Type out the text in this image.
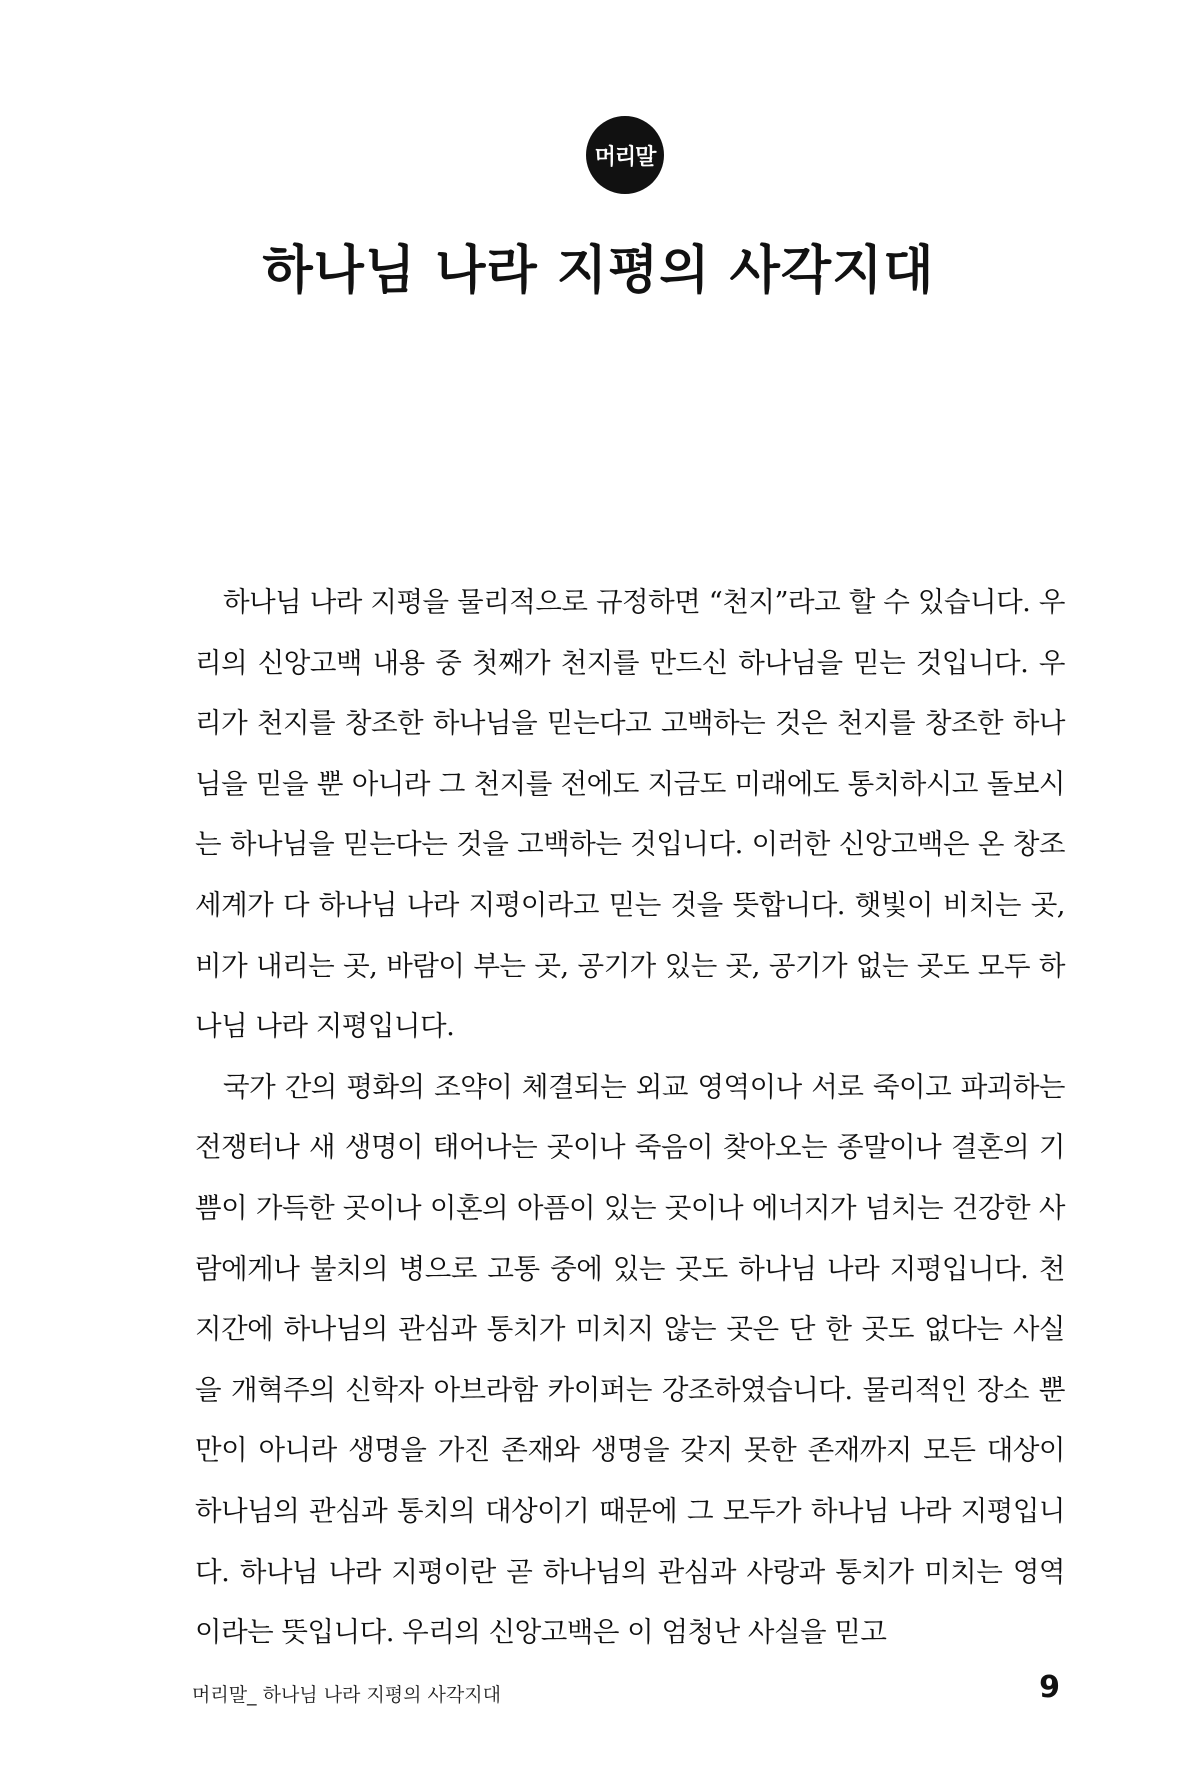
머리말
하나님 나라 지평의 사각지대

하나님 나라 지평을 물리적으로 규정하면 “천지”라고 할 수 있습니다. 우리의 신앙고백 내용 중 첫째가 천지를 만드신 하나님을 믿는 것입니다. 우리가 천지를 창조한 하나님을 믿는다고 고백하는 것은 천지를 창조한 하나님을 믿을 뿐 아니라 그 천지를 전에도 지금도 미래에도 통치하시고 돌보시는 하나님을 믿는다는 것을 고백하는 것입니다. 이러한 신앙고백은 온 창조 세계가 다 하나님 나라 지평이라고 믿는 것을 뜻합니다. 햇빛이 비치는 곳, 비가 내리는 곳, 바람이 부는 곳, 공기가 있는 곳, 공기가 없는 곳도 모두 하나님 나라 지평입니다.

국가 간의 평화의 조약이 체결되는 외교 영역이나 서로 죽이고 파괴하는 전쟁터나 새 생명이 태어나는 곳이나 죽음이 찾아오는 종말이나 결혼의 기쁨이 가득한 곳이나 이혼의 아픔이 있는 곳이나 에너지가 넘치는 건강한 사람에게나 불치의 병으로 고통 중에 있는 곳도 하나님 나라 지평입니다. 천지간에 하나님의 관심과 통치가 미치지 않는 곳은 단 한 곳도 없다는 사실을 개혁주의 신학자 아브라함 카이퍼는 강조하였습니다. 물리적인 장소 뿐만이 아니라 생명을 가진 존재와 생명을 갖지 못한 존재까지 모든 대상이 하나님의 관심과 통치의 대상이기 때문에 그 모두가 하나님 나라 지평입니다. 하나님 나라 지평이란 곧 하나님의 관심과 사랑과 통치가 미치는 영역이라는 뜻입니다. 우리의 신앙고백은 이 엄청난 사실을 믿고

머리말_ 하나님 나라 지평의 사각지대	9
